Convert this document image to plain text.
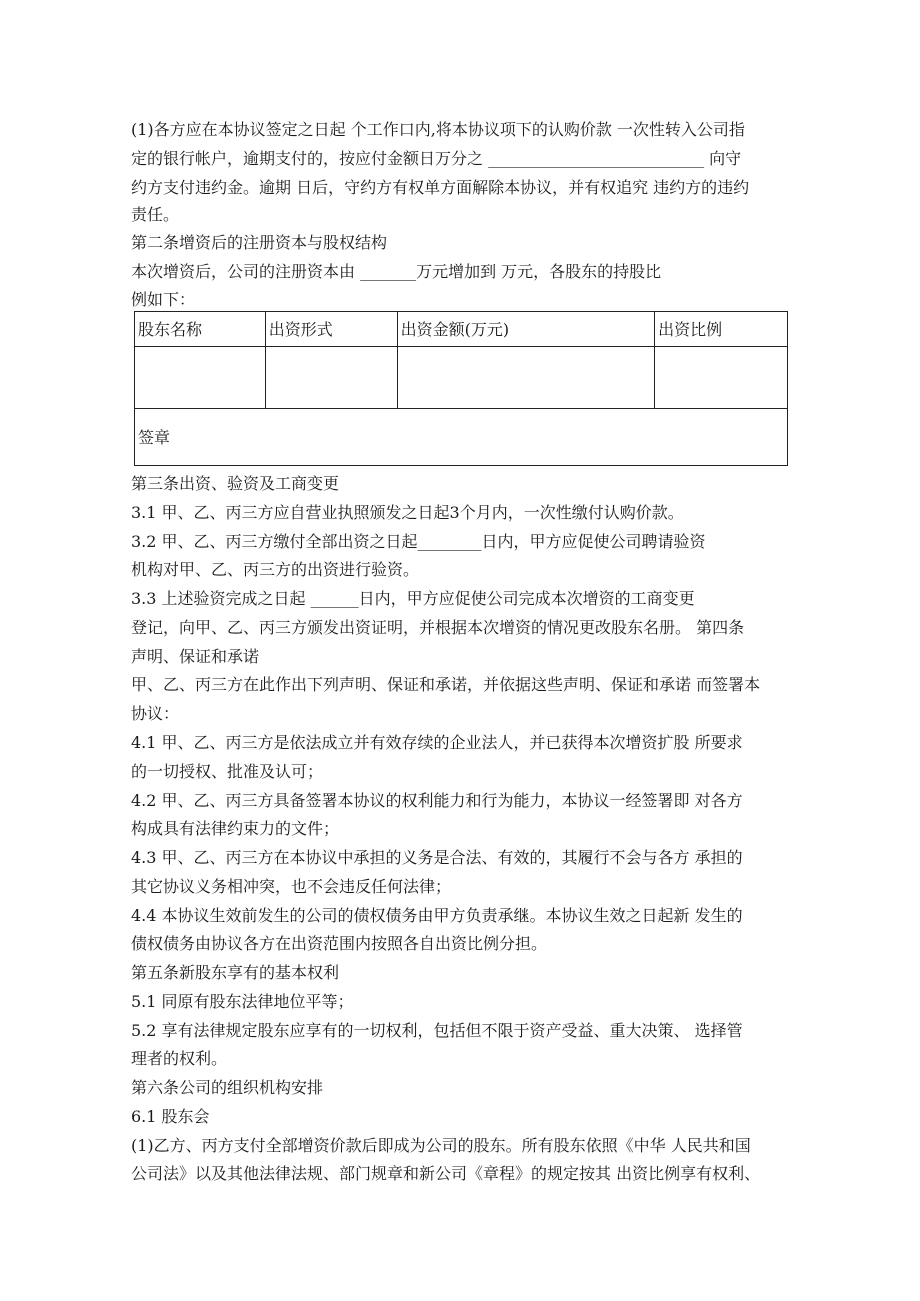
(1)各方应在本协议签定之日起 个工作口内,将本协议项下的认购价款 一次性转入公司指
定的银行帐户，逾期支付的，按应付金额日万分之 ___________________________ 向守
约方支付违约金。逾期 日后，守约方有权单方面解除本协议，并有权追究 违约方的违约
责任。
第二条增资后的注册资本与股权结构
本次增资后，公司的注册资本由 _______万元增加到 万元，各股东的持股比
例如下：
股东名称	出资形式	出资金额(万元)	出资比例

签章			
第三条出资、验资及工商变更
3.1 甲、乙、丙三方应自营业执照颁发之日起3个月内，一次性缴付认购价款。
3.2 甲、乙、丙三方缴付全部出资之日起________日内，甲方应促使公司聘请验资
机构对甲、乙、丙三方的出资进行验资。
3.3 上述验资完成之日起 ______日内，甲方应促使公司完成本次增资的工商变更
登记，向甲、乙、丙三方颁发出资证明，并根据本次增资的情况更改股东名册。 第四条
声明、保证和承诺
甲、乙、丙三方在此作出下列声明、保证和承诺，并依据这些声明、保证和承诺 而签署本
协议：
4.1 甲、乙、丙三方是依法成立并有效存续的企业法人，并已获得本次增资扩股 所要求
的一切授权、批准及认可；
4.2 甲、乙、丙三方具备签署本协议的权利能力和行为能力，本协议一经签署即 对各方
构成具有法律约束力的文件；
4.3 甲、乙、丙三方在本协议中承担的义务是合法、有效的，其履行不会与各方 承担的
其它协议义务相冲突，也不会违反任何法律；
4.4 本协议生效前发生的公司的债权债务由甲方负责承继。本协议生效之日起新 发生的
债权债务由协议各方在出资范围内按照各自出资比例分担。
第五条新股东享有的基本权利
5.1 同原有股东法律地位平等；
5.2 享有法律规定股东应享有的一切权利，包括但不限于资产受益、重大决策、 选择管
理者的权利。
第六条公司的组织机构安排
6.1 股东会
(1)乙方、丙方支付全部增资价款后即成为公司的股东。所有股东依照《中华 人民共和国
公司法》以及其他法律法规、部门规章和新公司《章程》的规定按其 出资比例享有权利、
